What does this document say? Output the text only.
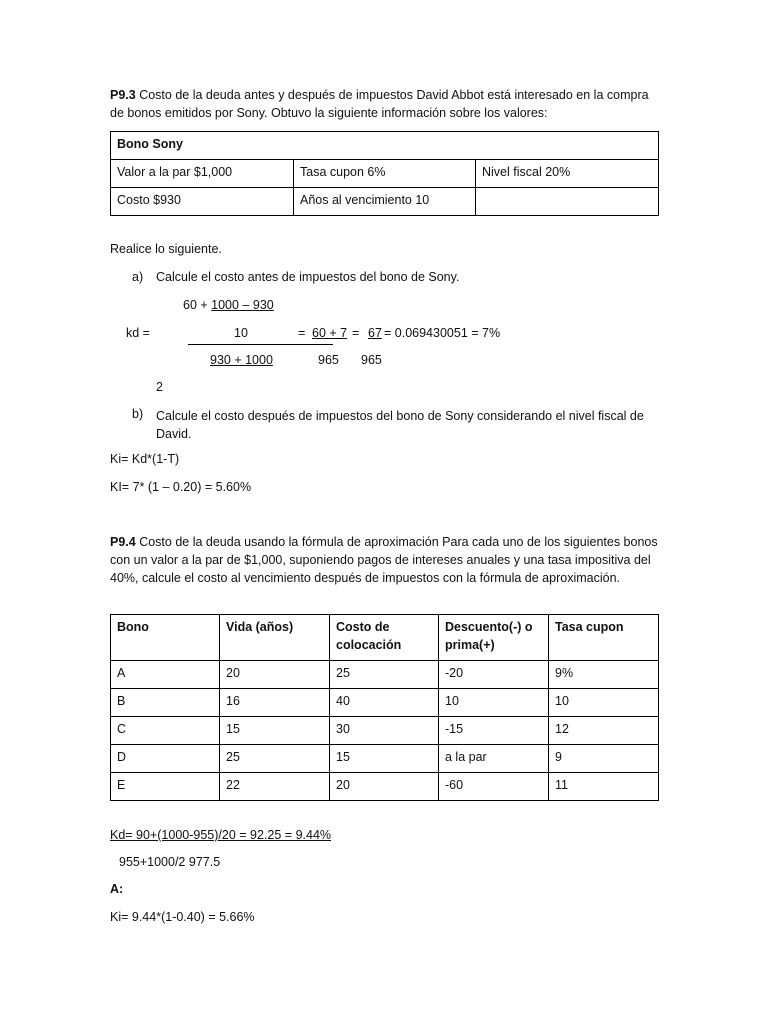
P9.3 Costo de la deuda antes y después de impuestos David Abbot está interesado en la compra de bonos emitidos por Sony. Obtuvo la siguiente información sobre los valores:
Bono Sony		
Valor a la par $1,000	Tasa cupon 6%	Nivel fiscal 20%
Costo $930	Años al vencimiento 10	
Realice lo siguiente.
a) Calcule el costo antes de impuestos del bono de Sony.
60 + 1000 – 930
kd =	10	= 60 + 7 = 67 = 0.069430051 = 7%
930 + 1000	965 965
2
b) Calcule el costo después de impuestos del bono de Sony considerando el nivel fiscal de David.
Ki= Kd*(1-T)
KI= 7* (1 – 0.20) = 5.60%
P9.4 Costo de la deuda usando la fórmula de aproximación Para cada uno de los siguientes bonos con un valor a la par de $1,000, suponiendo pagos de intereses anuales y una tasa impositiva del 40%, calcule el costo al vencimiento después de impuestos con la fórmula de aproximación.
Bono	Vida (años)	Costo de colocación	Descuento(-) o prima(+)	Tasa cupon
A	20	25	-20	9%
B	16	40	10	10
C	15	30	-15	12
D	25	15	a la par	9
E	22	20	-60	11
Kd= 90+(1000-955)/20 = 92.25 = 9.44%
955+1000/2 977.5
A:
Ki= 9.44*(1-0.40) = 5.66%
